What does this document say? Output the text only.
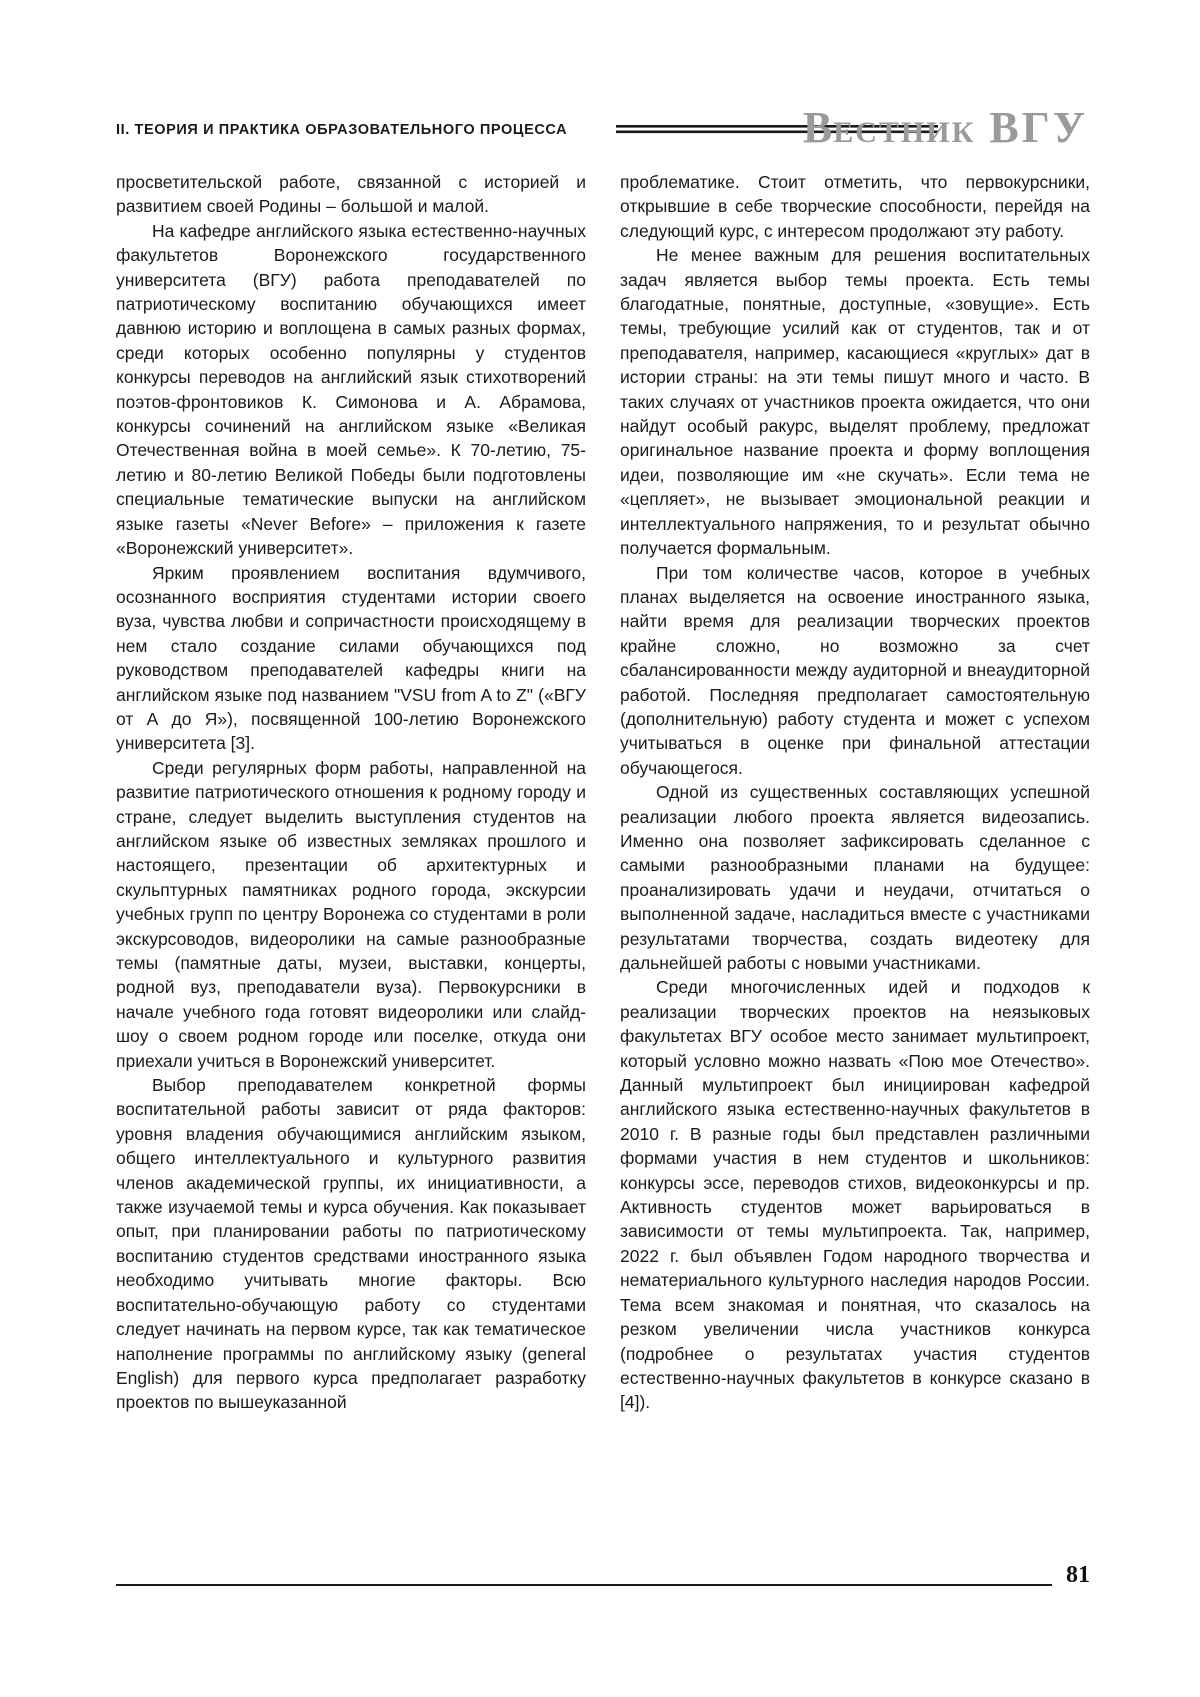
II. ТЕОРИЯ И ПРАКТИКА ОБРАЗОВАТЕЛЬНОГО ПРОЦЕССА	ВЕСТНИК ВГУ

просветительской работе, связанной с историей и развитием своей Родины – большой и малой.

На кафедре английского языка естественно-научных факультетов Воронежского государственного университета (ВГУ) работа преподавателей по патриотическому воспитанию обучающихся имеет давнюю историю и воплощена в самых разных формах, среди которых особенно популярны у студентов конкурсы переводов на английский язык стихотворений поэтов-фронтовиков К. Симонова и А. Абрамова, конкурсы сочинений на английском языке «Великая Отечественная война в моей семье». К 70-летию, 75-летию и 80-летию Великой Победы были подготовлены специальные тематические выпуски на английском языке газеты «Never Before» – приложения к газете «Воронежский университет».

Ярким проявлением воспитания вдумчивого, осознанного восприятия студентами истории своего вуза, чувства любви и сопричастности происходящему в нем стало создание силами обучающихся под руководством преподавателей кафедры книги на английском языке под названием "VSU from A to Z" («ВГУ от А до Я»), посвященной 100-летию Воронежского университета [3].

Среди регулярных форм работы, направленной на развитие патриотического отношения к родному городу и стране, следует выделить выступления студентов на английском языке об известных земляках прошлого и настоящего, презентации об архитектурных и скульптурных памятниках родного города, экскурсии учебных групп по центру Воронежа со студентами в роли экскурсоводов, видеоролики на самые разнообразные темы (памятные даты, музеи, выставки, концерты, родной вуз, преподаватели вуза). Первокурсники в начале учебного года готовят видеоролики или слайд-шоу о своем родном городе или поселке, откуда они приехали учиться в Воронежский университет.

Выбор преподавателем конкретной формы воспитательной работы зависит от ряда факторов: уровня владения обучающимися английским языком, общего интеллектуального и культурного развития членов академической группы, их инициативности, а также изучаемой темы и курса обучения. Как показывает опыт, при планировании работы по патриотическому воспитанию студентов средствами иностранного языка необходимо учитывать многие факторы. Всю воспитательно-обучающую работу со студентами следует начинать на первом курсе, так как тематическое наполнение программы по английскому языку (general English) для первого курса предполагает разработку проектов по вышеуказанной

проблематике. Стоит отметить, что первокурсники, открывшие в себе творческие способности, перейдя на следующий курс, с интересом продолжают эту работу.

Не менее важным для решения воспитательных задач является выбор темы проекта. Есть темы благодатные, понятные, доступные, «зовущие». Есть темы, требующие усилий как от студентов, так и от преподавателя, например, касающиеся «круглых» дат в истории страны: на эти темы пишут много и часто. В таких случаях от участников проекта ожидается, что они найдут особый ракурс, выделят проблему, предложат оригинальное название проекта и форму воплощения идеи, позволяющие им «не скучать». Если тема не «цепляет», не вызывает эмоциональной реакции и интеллектуального напряжения, то и результат обычно получается формальным.

При том количестве часов, которое в учебных планах выделяется на освоение иностранного языка, найти время для реализации творческих проектов крайне сложно, но возможно за счет сбалансированности между аудиторной и внеаудиторной работой. Последняя предполагает самостоятельную (дополнительную) работу студента и может с успехом учитываться в оценке при финальной аттестации обучающегося.

Одной из существенных составляющих успешной реализации любого проекта является видеозапись. Именно она позволяет зафиксировать сделанное с самыми разнообразными планами на будущее: проанализировать удачи и неудачи, отчитаться о выполненной задаче, насладиться вместе с участниками результатами творчества, создать видеотеку для дальнейшей работы с новыми участниками.

Среди многочисленных идей и подходов к реализации творческих проектов на неязыковых факультетах ВГУ особое место занимает мультипроект, который условно можно назвать «Пою мое Отечество». Данный мультипроект был инициирован кафедрой английского языка естественно-научных факультетов в 2010 г. В разные годы был представлен различными формами участия в нем студентов и школьников: конкурсы эссе, переводов стихов, видеоконкурсы и пр. Активность студентов может варьироваться в зависимости от темы мультипроекта. Так, например, 2022 г. был объявлен Годом народного творчества и нематериального культурного наследия народов России. Тема всем знакомая и понятная, что сказалось на резком увеличении числа участников конкурса (подробнее о результатах участия студентов естественно-научных факультетов в конкурсе сказано в [4]).

81
